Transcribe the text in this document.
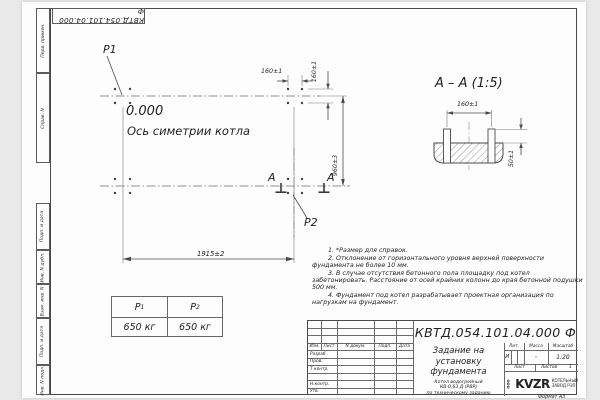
КВТД.054.101.04.000 Ф
Перв. примен.
Справ. N
Подп. и дата
Инв. N дубл.
Взам. инв. N
Подп. и дата
Инв. N подл.
P1
P2
0.000
Ось симетрии котла
160±1	160±1
960±3
1915±2
А	А
А – А (1:5)
160±1
50±1
P 1	P 2
650 кг	650 кг

1. *Размер для справок.

2. Отклонение от горизонтального уровня верхней поверхности фундамента не более 10 мм.

3. В случае отсутствия бетонного пола площадку под котел забетонировать. Расстояние от осей крайних колонн до края бетонной подушки 500 мм.

4. Фундамент под котел разрабатывает проектная организация по нагрузкам на фундамент.

КВТД.054.101.04.000 Ф
Изм. Лист	N докум.	Подп.	Дата
Разраб.
Пров.
Т.контр.
Н.контр.
Утв.
Задание на
установку
фундамента
Котел водогрейный
КВ-0,63 Д (РВР)
по техническому заданию
Лит.	Масса	Масштаб
И	-	1:20
Лист	Листов	1
ООО KVZR КОТЕЛЬНЫЙ
ЗАВОД РЭП
Формат А3
